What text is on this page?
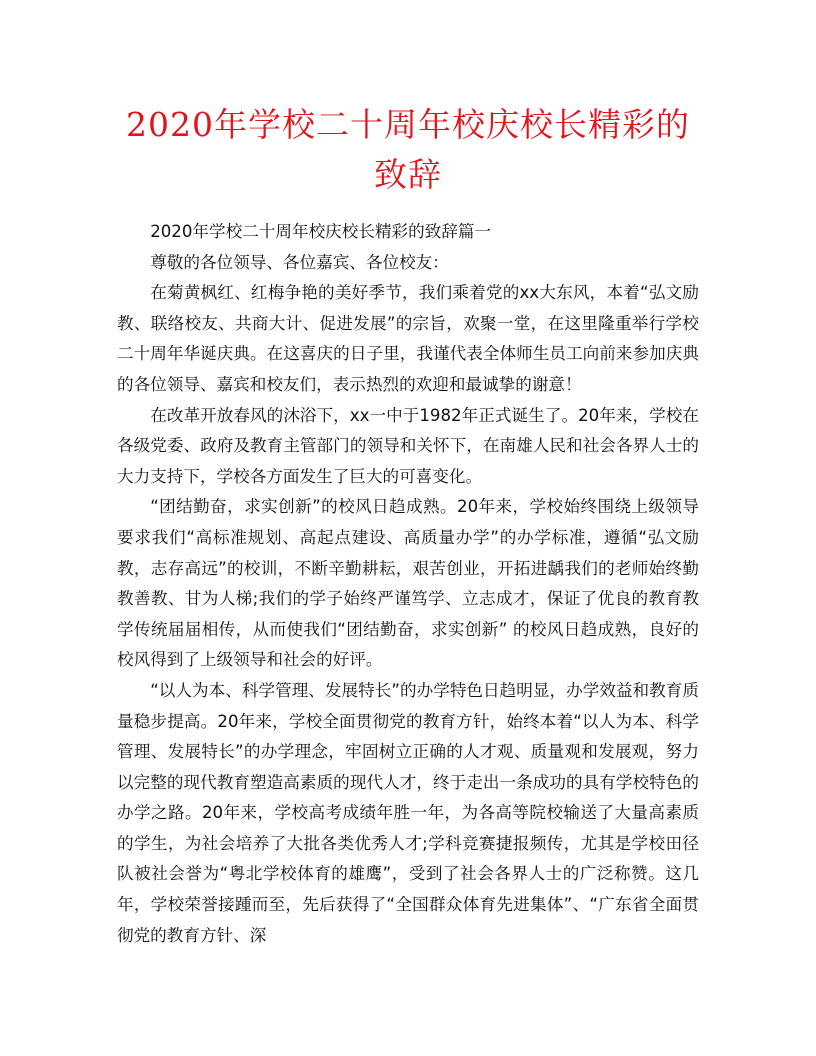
2020年学校二十周年校庆校长精彩的致辞

2020年学校二十周年校庆校长精彩的致辞篇一

尊敬的各位领导、各位嘉宾、各位校友：

在菊黄枫红、红梅争艳的美好季节，我们乘着党的xx大东风，本着“弘文励教、联络校友、共商大计、促进发展”的宗旨，欢聚一堂，在这里隆重举行学校二十周年华诞庆典。在这喜庆的日子里，我谨代表全体师生员工向前来参加庆典的各位领导、嘉宾和校友们，表示热烈的欢迎和最诚挚的谢意！

在改革开放春风的沐浴下，xx一中于1982年正式诞生了。20年来，学校在各级党委、政府及教育主管部门的领导和关怀下，在南雄人民和社会各界人士的大力支持下，学校各方面发生了巨大的可喜变化。

“团结勤奋，求实创新”的校风日趋成熟。20年来，学校始终围绕上级领导要求我们“高标准规划、高起点建设、高质量办学”的办学标准，遵循“弘文励教，志存高远”的校训，不断辛勤耕耘，艰苦创业，开拓进龋我们的老师始终勤教善教、甘为人梯;我们的学子始终严谨笃学、立志成才，保证了优良的教育教学传统届届相传，从而使我们“团结勤奋，求实创新” 的校风日趋成熟，良好的校风得到了上级领导和社会的好评。

“以人为本、科学管理、发展特长”的办学特色日趋明显，办学效益和教育质量稳步提高。20年来，学校全面贯彻党的教育方针，始终本着“以人为本、科学管理、发展特长”的办学理念，牢固树立正确的人才观、质量观和发展观，努力以完整的现代教育塑造高素质的现代人才，终于走出一条成功的具有学校特色的办学之路。20年来，学校高考成绩年胜一年，为各高等院校输送了大量高素质的学生，为社会培养了大批各类优秀人才;学科竞赛捷报频传，尤其是学校田径队被社会誉为“粤北学校体育的雄鹰”，受到了社会各界人士的广泛称赞。这几年，学校荣誉接踵而至，先后获得了“全国群众体育先进集体”、“广东省全面贯彻党的教育方针、深
